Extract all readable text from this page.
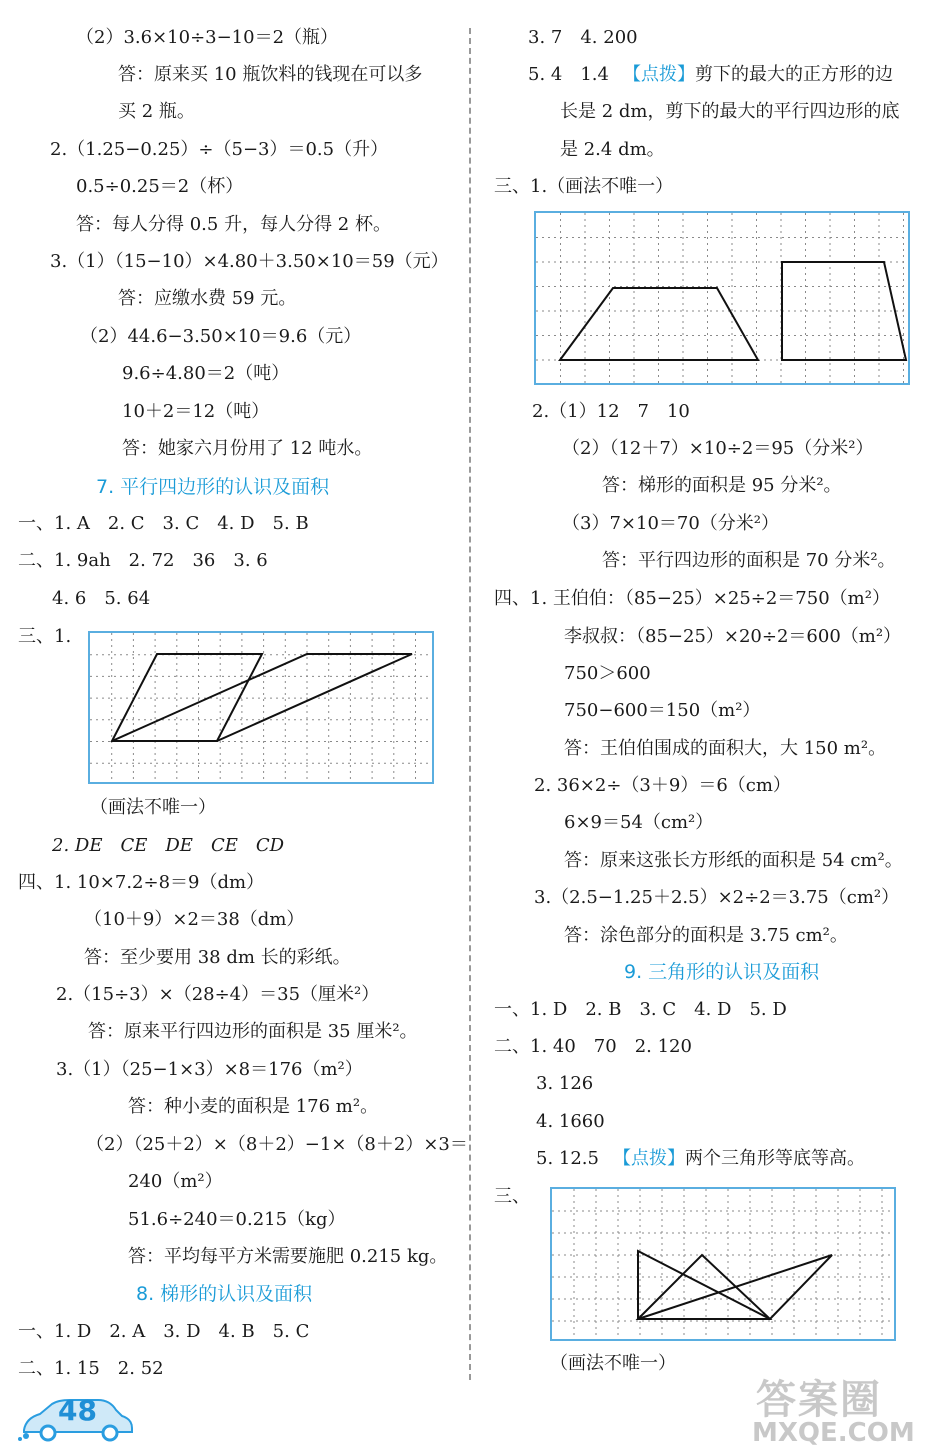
（2）3.6×10÷3−10＝2（瓶）
答：原来买 10 瓶饮料的钱现在可以多
买 2 瓶。
2.（1.25−0.25）÷（5−3）＝0.5（升）
0.5÷0.25＝2（杯）
答：每人分得 0.5 升，每人分得 2 杯。
3.（1）（15−10）×4.80＋3.50×10＝59（元）
答：应缴水费 59 元。
（2）44.6−3.50×10＝9.6（元）
9.6÷4.80＝2（吨）
10＋2＝12（吨）
答：她家六月份用了 12 吨水。
7. 平行四边形的认识及面积
一、1. A　2. C　3. C　4. D　5. B
二、1. 9ah　2. 72　36　3. 6
4. 6　5. 64
三、1.
（画法不唯一）
2. DE　CE　DE　CE　CD
四、1. 10×7.2÷8＝9（dm）
（10＋9）×2＝38（dm）
答：至少要用 38 dm 长的彩纸。
2.（15÷3）×（28÷4）＝35（厘米²）
答：原来平行四边形的面积是 35 厘米²。
3.（1）（25−1×3）×8＝176（m²）
答：种小麦的面积是 176 m²。
（2）（25＋2）×（8＋2）−1×（8＋2）×3＝
240（m²）
51.6÷240＝0.215（kg）
答：平均每平方米需要施肥 0.215 kg。
8. 梯形的认识及面积
一、1. D　2. A　3. D　4. B　5. C
二、1. 15　2. 52
3. 7　4. 200
5. 4　1.4 【点拨】剪下的最大的正方形的边
长是 2 dm，剪下的最大的平行四边形的底
是 2.4 dm。
三、1.（画法不唯一）
2.（1）12　7　10
（2）（12＋7）×10÷2＝95（分米²）
答：梯形的面积是 95 分米²。
（3）7×10＝70（分米²）
答：平行四边形的面积是 70 分米²。
四、1. 王伯伯：（85−25）×25÷2＝750（m²）
李叔叔：（85−25）×20÷2＝600（m²）
750＞600
750−600＝150（m²）
答：王伯伯围成的面积大，大 150 m²。
2. 36×2÷（3＋9）＝6（cm）
6×9＝54（cm²）
答：原来这张长方形纸的面积是 54 cm²。
3.（2.5−1.25＋2.5）×2÷2＝3.75（cm²）
答：涂色部分的面积是 3.75 cm²。
9. 三角形的认识及面积
一、1. D　2. B　3. C　4. D　5. D
二、1. 40　70　2. 120
3. 126
4. 1660
5. 12.5 【点拨】两个三角形等底等高。
三、
（画法不唯一）
48	答案圈
MXQE.COM
